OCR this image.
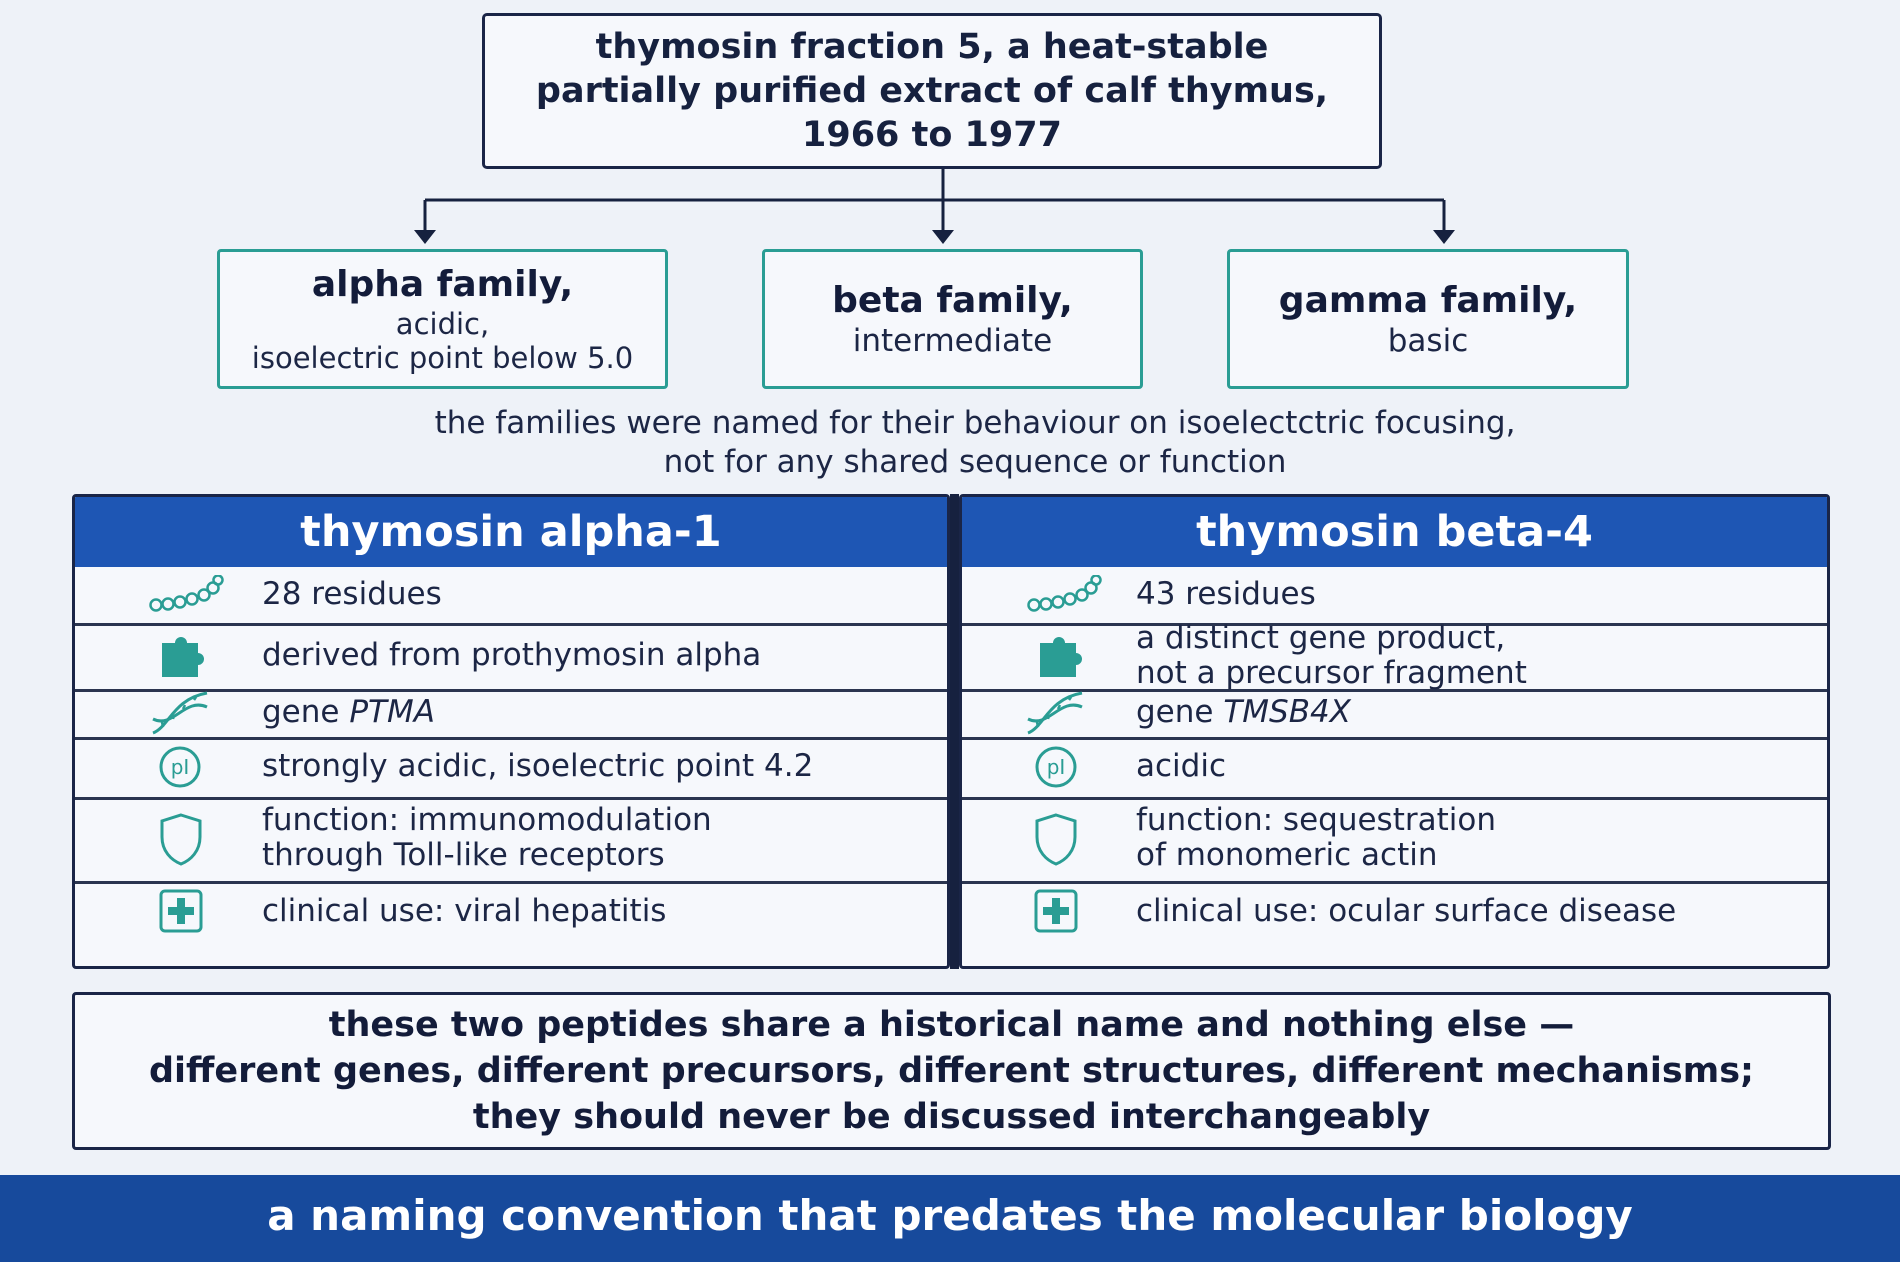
thymosin fraction 5, a heat-stable
partially purified extract of calf thymus,
1966 to 1977
alpha family,
acidic,
isoelectric point below 5.0
beta family,
intermediate
gamma family,
basic
the families were named for their behaviour on isoelectctric focusing,
not for any shared sequence or function
thymosin alpha-1
28 residues
derived from prothymosin alpha
gene PTMA
pI strongly acidic, isoelectric point 4.2
function: immunomodulation
through Toll-like receptors
clinical use: viral hepatitis
thymosin beta-4
43 residues
a distinct gene product,
not a precursor fragment
gene TMSB4X
pI acidic
function: sequestration
of monomeric actin
clinical use: ocular surface disease
these two peptides share a historical name and nothing else —
different genes, different precursors, different structures, different mechanisms;
they should never be discussed interchangeably
a naming convention that predates the molecular biology
